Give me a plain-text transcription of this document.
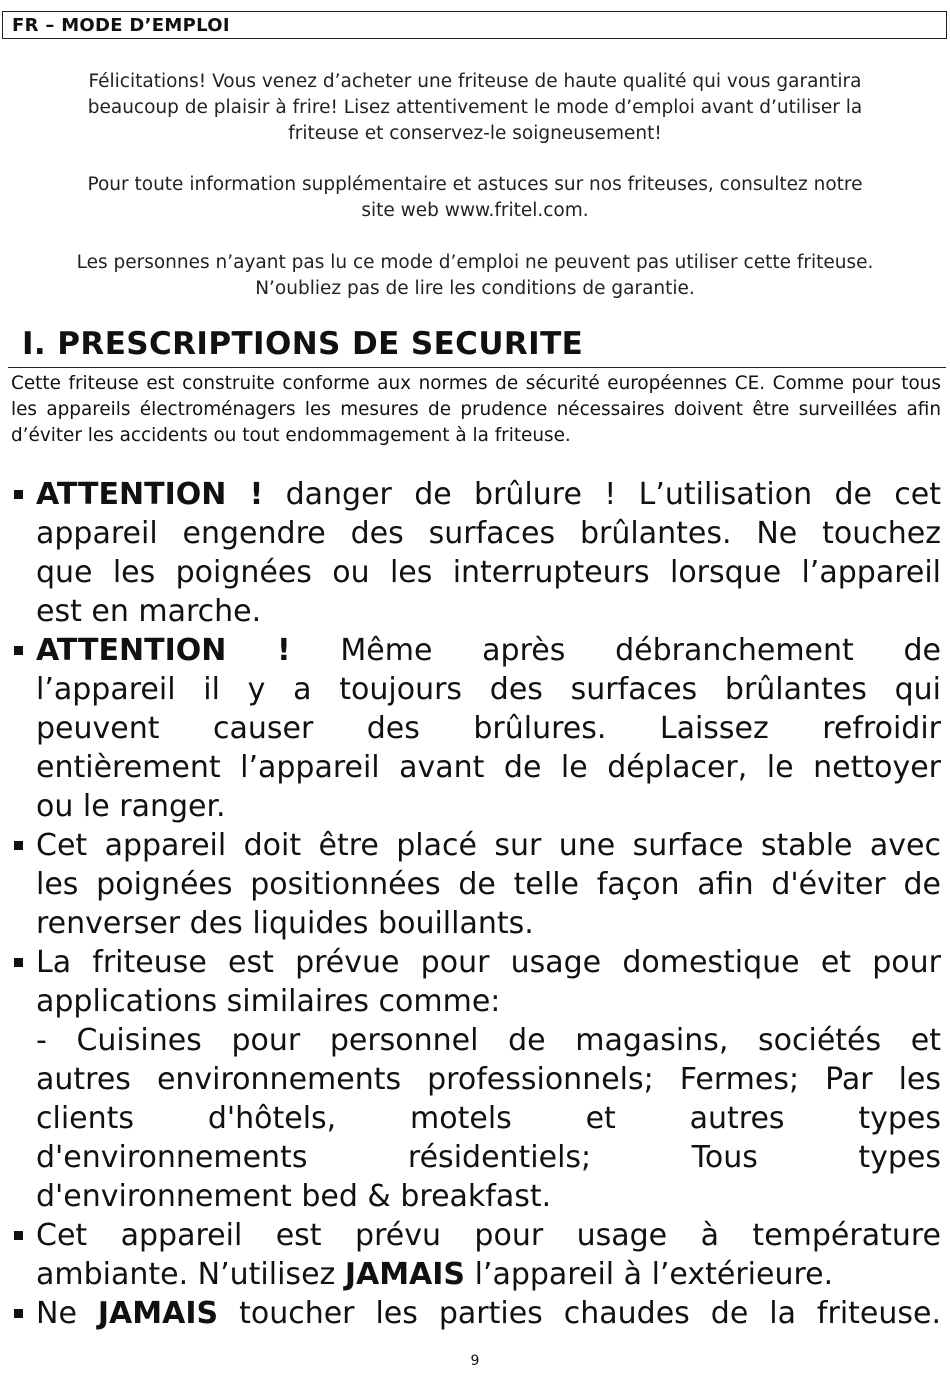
FR – MODE D’EMPLOI

Félicitations! Vous venez d’acheter une friteuse de haute qualité qui vous garantira

beaucoup de plaisir à frire! Lisez attentivement le mode d’emploi avant d’utiliser la

friteuse et conservez-le soigneusement!

Pour toute information supplémentaire et astuces sur nos friteuses, consultez notre

site web www.fritel.com.

Les personnes n’ayant pas lu ce mode d’emploi ne peuvent pas utiliser cette friteuse.

N’oubliez pas de lire les conditions de garantie.

I. PRESCRIPTIONS DE SECURITE
Cette friteuse est construite conforme aux normes de sécurité européennes CE. Comme pour tous les appareils électroménagers les mesures de prudence nécessaires doivent être surveillées afin d’éviter les accidents ou tout endommagement à la friteuse.
ATTENTION ! danger de brûlure ! L’utilisation de cet
appareil engendre des surfaces brûlantes. Ne touchez
que les poignées ou les interrupteurs lorsque l’appareil
est en marche.
ATTENTION ! Même après débranchement de
l’appareil il y a toujours des surfaces brûlantes qui
peuvent causer des brûlures. Laissez refroidir
entièrement l’appareil avant de le déplacer, le nettoyer
ou le ranger.
Cet appareil doit être placé sur une surface stable avec
les poignées positionnées de telle façon afin d'éviter de
renverser des liquides bouillants.
La friteuse est prévue pour usage domestique et pour
applications similaires comme:
- Cuisines pour personnel de magasins, sociétés et
autres environnements professionnels; Fermes; Par les
clients d'hôtels, motels et autres types
d'environnements résidentiels; Tous types
d'environnement bed & breakfast.
Cet appareil est prévu pour usage à température
ambiante. N’utilisez JAMAIS l’appareil à l’extérieure.
Ne JAMAIS toucher les parties chaudes de la friteuse.
9
